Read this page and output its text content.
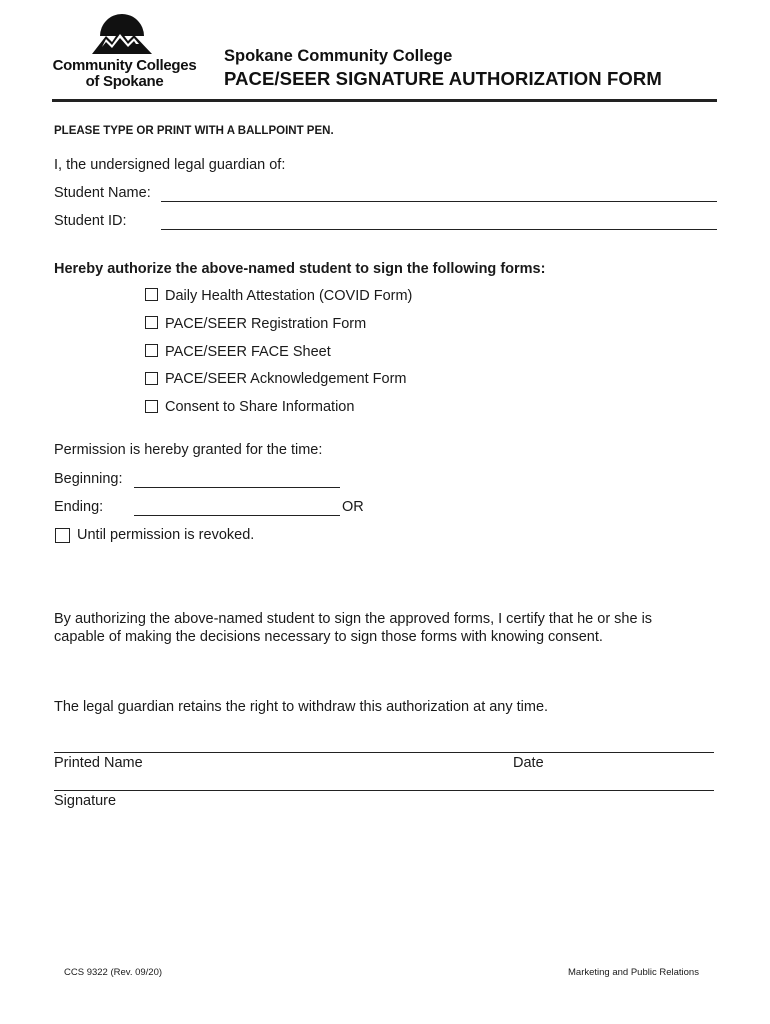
Community Colleges
of Spokane
Spokane Community College
PACE/SEER SIGNATURE AUTHORIZATION FORM
PLEASE TYPE OR PRINT WITH A BALLPOINT PEN.
I, the undersigned legal guardian of:
Student Name:
Student ID:
Hereby authorize the above-named student to sign the following forms:
Daily Health Attestation (COVID Form)
PACE/SEER Registration Form
PACE/SEER FACE Sheet
PACE/SEER Acknowledgement Form
Consent to Share Information
Permission is hereby granted for the time:
Beginning:
Ending:	OR
Until permission is revoked.
By authorizing the above-named student to sign the approved forms, I certify that he or she is
capable of making the decisions necessary to sign those forms with knowing consent.
The legal guardian retains the right to withdraw this authorization at any time.
Printed Name	Date
Signature
CCS 9322 (Rev. 09/20)	Marketing and Public Relations
